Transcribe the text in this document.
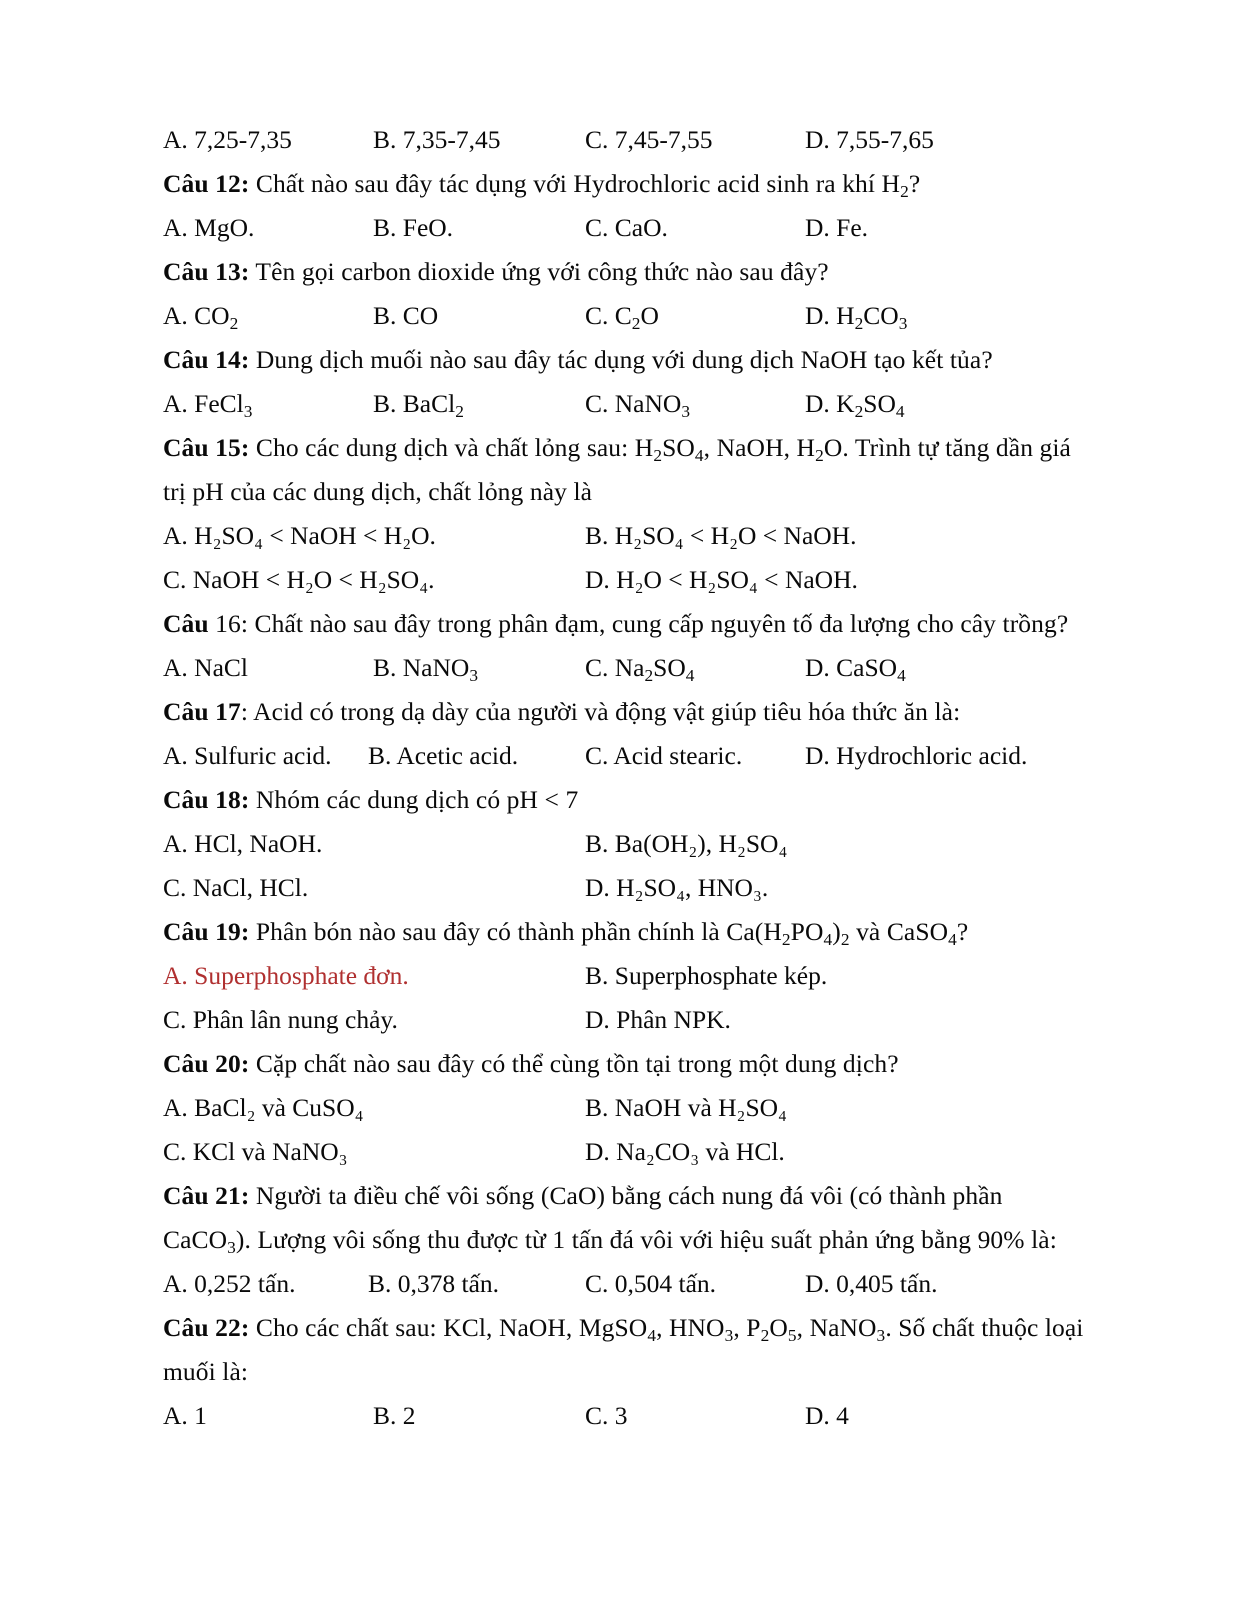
A. 7,25-7,35	B. 7,35-7,45	C. 7,45-7,55	D. 7,55-7,65
Câu 12: Chất nào sau đây tác dụng với Hydrochloric acid sinh ra khí $H_2$?
A. MgO.	B. FeO.	C. CaO.	D. Fe.
Câu 13: Tên gọi carbon dioxide ứng với công thức nào sau đây?
A. $CO_2$	B. CO	C. $C_2O$	D. $H_2CO_3$
Câu 14: Dung dịch muối nào sau đây tác dụng với dung dịch NaOH tạo kết tủa?
A. FeCl$_3$	B. BaCl$_2$	C. NaNO$_3$	D. $K_2SO_4$
Câu 15: Cho các dung dịch và chất lỏng sau: $H_2SO_4$, NaOH, $H_2O$. Trình tự tăng dần giá trị pH của các dung dịch, chất lỏng này là
A. H₂SO₄ < NaOH < H₂O.	B. H₂SO₄ < H₂O < NaOH.
C. NaOH < H₂O < H₂SO₄.	D. H₂O < H₂SO₄ < NaOH.
Câu 16: Chất nào sau đây trong phân đạm, cung cấp nguyên tố đa lượng cho cây trồng?
A. NaCl	B. NaNO$_3$	C. $Na_2SO_4$	D. CaSO$_4$
Câu 17: Acid có trong dạ dày của người và động vật giúp tiêu hóa thức ăn là:
A. Sulfuric acid. B. Acetic acid.	C. Acid stearic. D. Hydrochloric acid.
Câu 18: Nhóm các dung dịch có pH < 7
A. HCl, NaOH.	B. Ba(OH₂), H₂SO₄
C. NaCl, HCl.	D. H₂SO₄, HNO₃.
Câu 19: Phân bón nào sau đây có thành phần chính là $Ca(H_2PO_4)_2$ và CaSO$_4$?
A. Superphosphate đơn.	B. Superphosphate kép.
C. Phân lân nung chảy.	D. Phân NPK.
Câu 20: Cặp chất nào sau đây có thể cùng tồn tại trong một dung dịch?
A. BaCl₂ và CuSO₄	B. NaOH và H₂SO₄
C. KCl và NaNO₃	D. Na₂CO₃ và HCl.
Câu 21: Người ta điều chế vôi sống (CaO) bằng cách nung đá vôi (có thành phần CaCO$_3$). Lượng vôi sống thu được từ 1 tấn đá vôi với hiệu suất phản ứng bằng 90% là:
A. 0,252 tấn.	B. 0,378 tấn.	C. 0,504 tấn.	D. 0,405 tấn.
Câu 22: Cho các chất sau: KCl, NaOH, MgSO$_4$, $HNO_3$, $P_2O_5$, NaNO$_3$. Số chất thuộc loại muối là:
A. 1	B. 2	C. 3	D. 4
